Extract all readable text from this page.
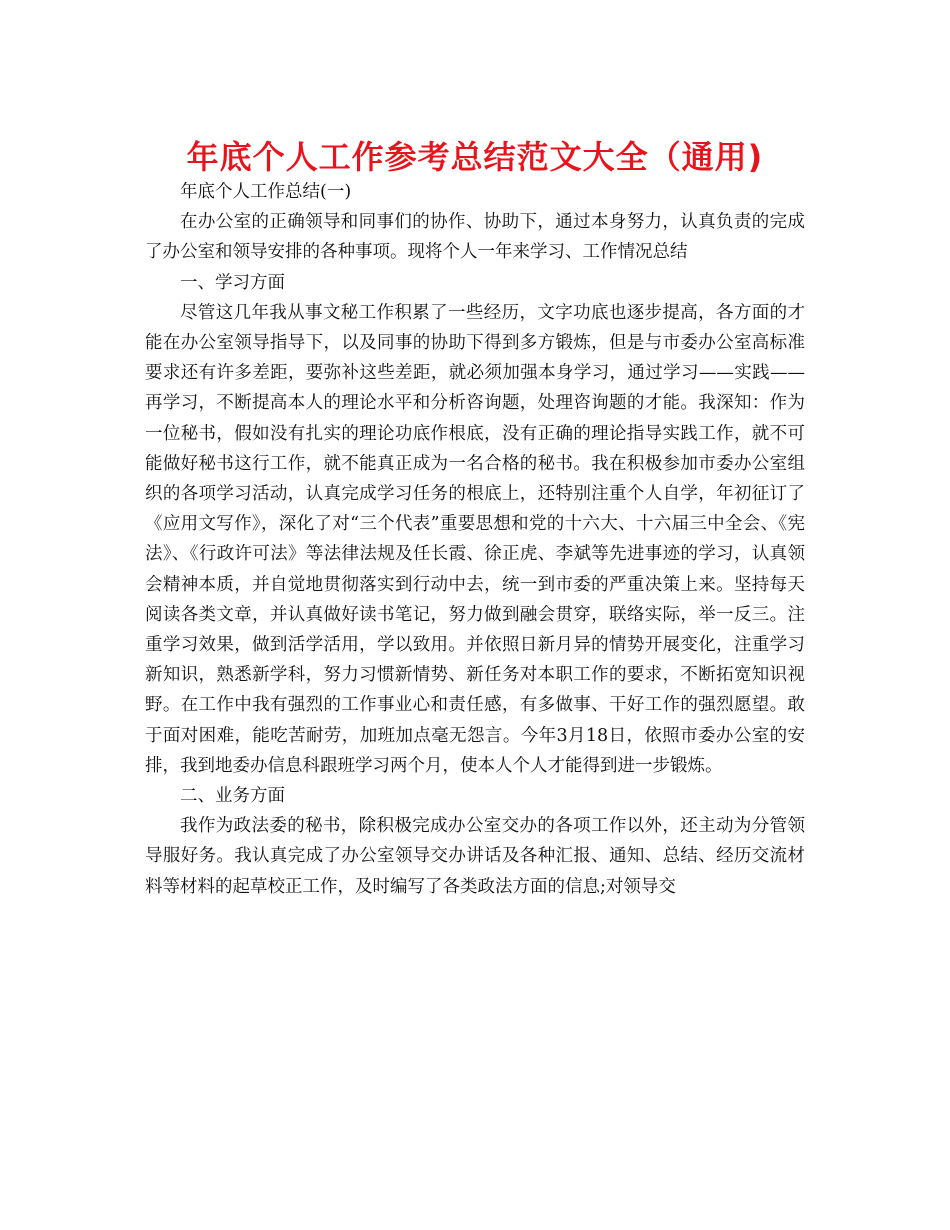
年底个人工作参考总结范文大全（通用)

年底个人工作总结(一)

在办公室的正确领导和同事们的协作、协助下，通过本身努力，认真负责的完成了办公室和领导安排的各种事项。现将个人一年来学习、工作情况总结

一、学习方面

尽管这几年我从事文秘工作积累了一些经历，文字功底也逐步提高，各方面的才能在办公室领导指导下，以及同事的协助下得到多方锻炼，但是与市委办公室高标准要求还有许多差距，要弥补这些差距，就必须加强本身学习，通过学习——实践——再学习，不断提高本人的理论水平和分析咨询题，处理咨询题的才能。我深知：作为一位秘书，假如没有扎实的理论功底作根底，没有正确的理论指导实践工作，就不可能做好秘书这行工作，就不能真正成为一名合格的秘书。我在积极参加市委办公室组织的各项学习活动，认真完成学习任务的根底上，还特别注重个人自学，年初征订了《应用文写作》，深化了对“三个代表”重要思想和党的十六大、十六届三中全会、《宪法》、《行政许可法》等法律法规及任长霞、徐正虎、李斌等先进事迹的学习，认真领会精神本质，并自觉地贯彻落实到行动中去，统一到市委的严重决策上来。坚持每天阅读各类文章，并认真做好读书笔记，努力做到融会贯穿，联络实际，举一反三。注重学习效果，做到活学活用，学以致用。并依照日新月异的情势开展变化，注重学习新知识，熟悉新学科，努力习惯新情势、新任务对本职工作的要求，不断拓宽知识视野。在工作中我有强烈的工作事业心和责任感，有多做事、干好工作的强烈愿望。敢于面对困难，能吃苦耐劳，加班加点毫无怨言。今年3月18日，依照市委办公室的安排，我到地委办信息科跟班学习两个月，使本人个人才能得到进一步锻炼。

二、业务方面

我作为政法委的秘书，除积极完成办公室交办的各项工作以外，还主动为分管领导服好务。我认真完成了办公室领导交办讲话及各种汇报、通知、总结、经历交流材料等材料的起草校正工作，及时编写了各类政法方面的信息;对领导交
